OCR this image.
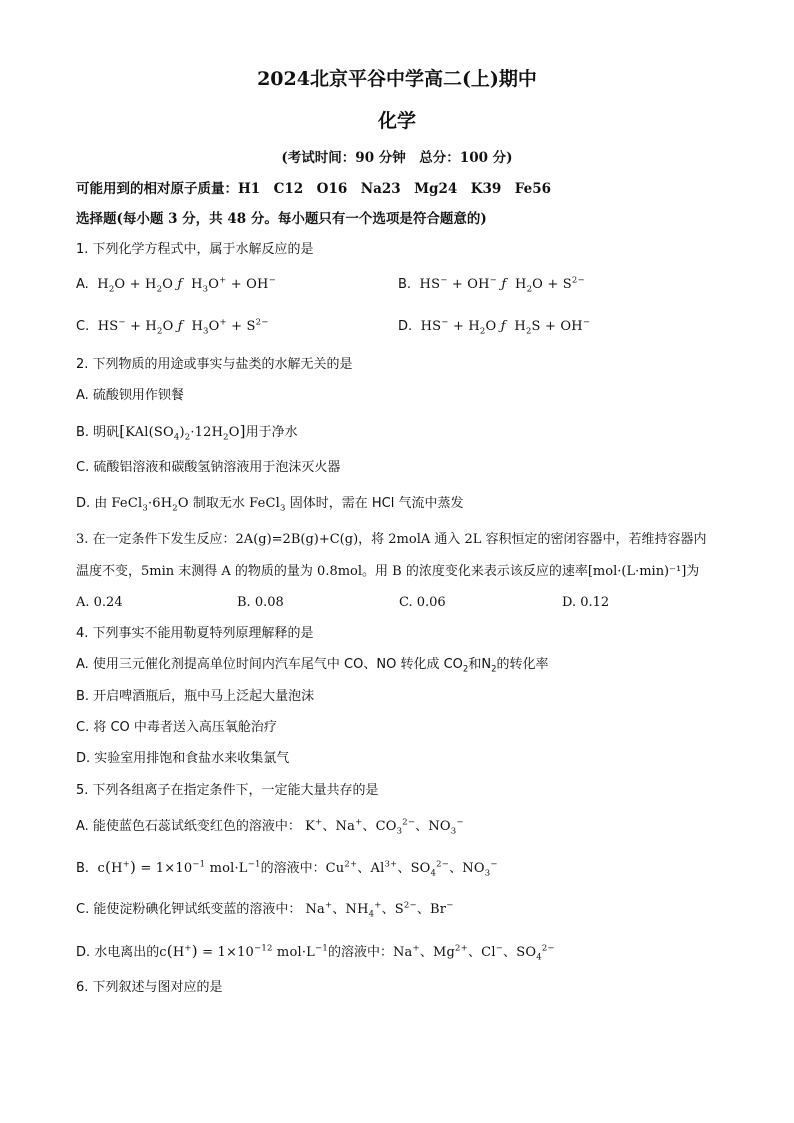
2024北京平谷中学高二(上)期中
化学
(考试时间：90 分钟　总分：100 分)
可能用到的相对原子质量：H1　C12　O16　Na23　Mg24　K39　Fe56
选择题(每小题 3 分，共 48 分。每小题只有一个选项是符合题意的)
1. 下列化学方程式中，属于水解反应的是
A.  $H_2O + H_2O$ ƒ  $H_3O^+ + OH^-$	B.  HS− + OH− ƒ  $H_2O + S^{2-}$
C.  $HS^- + H_2O$ ƒ  $H_3O^+ + S^{2-}$	D.  $HS^- + H_2O$ ƒ  $H_2S + OH^-$
2. 下列物质的用途或事实与盐类的水解无关的是
A. 硫酸钡用作钡餐
B. 明矾$[KAl(SO_4)_2\cdot 12H_2O]$用于净水
C. 硫酸铝溶液和碳酸氢钠溶液用于泡沫灭火器
D. 由 $FeCl_3\cdot 6H_2O$ 制取无水 FeCl$_3$ 固体时，需在 HCl 气流中蒸发
3. 在一定条件下发生反应：2A(g)=2B(g)+C(g)，将 2molA 通入 2L 容积恒定的密闭容器中，若维持容器内
温度不变，5min 末测得 A 的物质的量为 0.8mol。用 B 的浓度变化来表示该反应的速率[mol·(L·min)⁻¹]为
A. 0.24	B. 0.08	C. 0.06	D. 0.12
4. 下列事实不能用勒夏特列原理解释的是
A. 使用三元催化剂提高单位时间内汽车尾气中 CO、NO 转化成 $CO_2$和$N_2$的转化率
B. 开启啤酒瓶后，瓶中马上泛起大量泡沫
C. 将 CO 中毒者送入高压氧舱治疗
D. 实验室用排饱和食盐水来收集氯气
5. 下列各组离子在指定条件下，一定能大量共存的是
A. 能使蓝色石蕊试纸变红色的溶液中： K+、Na+、$CO_3^{2-}$、$NO_3^-$
B.  $c(H^+) = 1\times 10^{-1}$ $mol\cdot L^{-1}$的溶液中：$Cu^{2+}$、$Al^{3+}$、$SO_4^{2-}$、$NO_3^-$
C. 能使淀粉碘化钾试纸变蓝的溶液中： Na+、$NH_4^+$、$S^{2-}$、Br−
D. 水电离出的$c(H^+) = 1\times 10^{-12}$ $mol\cdot L^{-1}$的溶液中：Na+、$Mg^{2+}$、Cl−、$SO_4^{2-}$
6. 下列叙述与图对应的是
